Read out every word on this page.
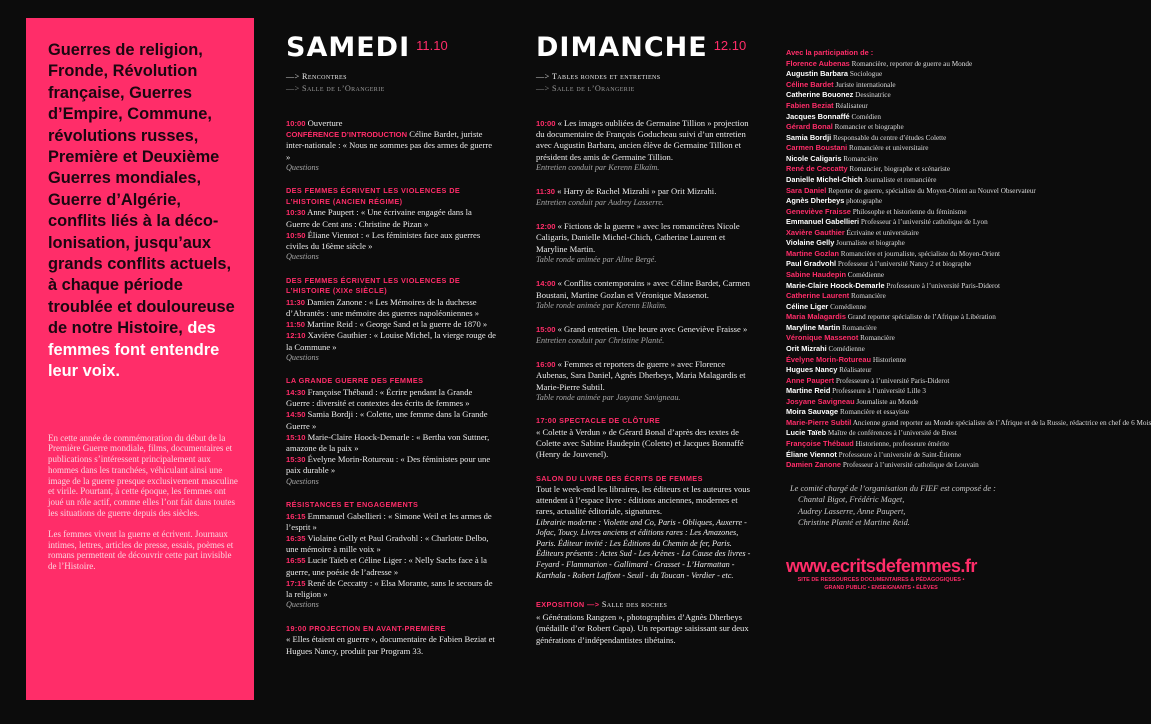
Guerres de religion, Fronde, Révolution française, Guerres d’Empire, Commune, révolutions russes, Première et Deuxième Guerres mondiales, Guerre d’Algérie, conflits liés à la déco-lonisation, jusqu’aux grands conflits actuels, à chaque période troublée et douloureuse de notre Histoire, des femmes font entendre leur voix.

En cette année de commémoration du début de la Première Guerre mondiale, films, documentaires et publications s’intéressent principalement aux hommes dans les tranchées, véhiculant ainsi une image de la guerre presque exclusivement masculine et virile. Pourtant, à cette époque, les femmes ont joué un rôle actif, comme elles l’ont fait dans toutes les situations de guerre depuis des siècles.

Les femmes vivent la guerre et écrivent. Journaux intimes, lettres, articles de presse, essais, poèmes et romans permettent de découvrir cette part invisible de l’Histoire.

SAMEDI $^{11.10}$
—> Rencontres
—> Salle de l’Orangerie
10:00 Ouverture
CONFÉRENCE D’INTRODUCTION Céline Bardet, juriste inter-nationale : « Nous ne sommes pas des armes de guerre »
Questions
DES FEMMES ÉCRIVENT LES VIOLENCES DE L’HISTOIRE (ANCIEN RÉGIME)
10:30 Anne Paupert : « Une écrivaine engagée dans la Guerre de Cent ans : Christine de Pizan »
10:50 Éliane Viennot : « Les féministes face aux guerres civiles du 16ème siècle »
Questions
DES FEMMES ÉCRIVENT LES VIOLENCES DE L’HISTOIRE (XIXe SIÈCLE)
11:30 Damien Zanone : « Les Mémoires de la duchesse d’Abrantès : une mémoire des guerres napoléoniennes »
11:50 Martine Reid : « George Sand et la guerre de 1870 »
12:10 Xavière Gauthier : « Louise Michel, la vierge rouge de la Commune »
Questions
LA GRANDE GUERRE DES FEMMES
14:30 Françoise Thébaud : « Écrire pendant la Grande Guerre : diversité et contextes des écrits de femmes »
14:50 Samia Bordji : « Colette, une femme dans la Grande Guerre »
15:10 Marie-Claire Hoock-Demarle : « Bertha von Suttner, amazone de la paix »
15:30 Évelyne Morin-Rotureau : « Des féministes pour une paix durable »
Questions
RÉSISTANCES ET ENGAGEMENTS
16:15 Emmanuel Gabellieri : « Simone Weil et les armes de l’esprit »
16:35 Violaine Gelly et Paul Gradvohl : « Charlotte Delbo, une mémoire à mille voix »
16:55 Lucie Taïeb et Céline Liger : « Nelly Sachs face à la guerre, une poésie de l’adresse »
17:15 René de Ceccatty : « Elsa Morante, sans le secours de la religion »
Questions
19:00 PROJECTION EN AVANT-PREMIÈRE
« Elles étaient en guerre », documentaire de Fabien Beziat et Hugues Nancy, produit par Program 33.
DIMANCHE $^{12.10}$
—> Tables rondes et entretiens
—> Salle de l’Orangerie
10:00 « Les images oubliées de Germaine Tillion » projection du documentaire de François Goducheau suivi d’un entretien avec Augustin Barbara, ancien élève de Germaine Tillion et président des amis de Germaine Tillion.
Entretien conduit par Kerenn Elkaïm.
11:30 « Harry de Rachel Mizrahi » par Orit Mizrahi.
Entretien conduit par Audrey Lasserre.
12:00 « Fictions de la guerre » avec les romancières Nicole Caligaris, Danielle Michel-Chich, Catherine Laurent et Maryline Martin.
Table ronde animée par Aline Bergé.
14:00 « Conflits contemporains » avec Céline Bardet, Carmen Boustani, Martine Gozlan et Véronique Massenot.
Table ronde animée par Kerenn Elkaïm.
15:00 « Grand entretien. Une heure avec Geneviève Fraisse »
Entretien conduit par Christine Planté.
16:00 « Femmes et reporters de guerre » avec Florence Aubenas, Sara Daniel, Agnès Dherbeys, Maria Malagardis et Marie-Pierre Subtil.
Table ronde animée par Josyane Savigneau.
17:00 SPECTACLE DE CLÔTURE
« Colette à Verdun » de Gérard Bonal d’après des textes de Colette avec Sabine Haudepin (Colette) et Jacques Bonnaffé (Henry de Jouvenel).
SALON DU LIVRE DES ÉCRITS DE FEMMES
Tout le week-end les libraires, les éditeurs et les auteures vous attendent à l’espace livre : éditions anciennes, modernes et rares, actualité éditoriale, signatures.
Librairie moderne : Violette and Co, Paris - Obliques, Auxerre - Jofac, Toucy. Livres anciens et éditions rares : Les Amazones, Paris. Éditeur invité : Les Éditions du Chemin de fer, Paris. Éditeurs présents : Actes Sud - Les Arènes - La Cause des livres - Feyard - Flammarion - Gallimard - Grasset - L’Harmattan - Karthala - Robert Laffont - Seuil - du Toucan - Verdier - etc.
EXPOSITION —> Salle des roches
« Générations Rangzen », photographies d’Agnès Dherbeys (médaille d’or Robert Capa). Un reportage saisissant sur deux générations d’indépendantistes tibétains.
Avec la participation de :
Florence Aubenas Romancière, reporter de guerre au Monde
Augustin Barbara Sociologue
Céline Bardet Juriste internationale
Catherine Bouonez Dessinatrice
Fabien Beziat Réalisateur
Jacques Bonnaffé Comédien
Gérard Bonal Romancier et biographe
Samia Bordji Responsable du centre d’études Colette
Carmen Boustani Romancière et universitaire
Nicole Caligaris Romancière
René de Ceccatty Romancier, biographe et scénariste
Danielle Michel-Chich Journaliste et romancière
Sara Daniel Reporter de guerre, spécialiste du Moyen-Orient au Nouvel Observateur
Agnès Dherbeys photographe
Geneviève Fraisse Philosophe et historienne du féminisme
Emmanuel Gabellieri Professeur à l’université catholique de Lyon
Xavière Gauthier Écrivaine et universitaire
Violaine Gelly Journaliste et biographe
Martine Gozlan Romancière et journaliste, spécialiste du Moyen-Orient
Paul Gradvohl Professeur à l’université Nancy 2 et biographe
Sabine Haudepin Comédienne
Marie-Claire Hoock-Demarle Professeure à l’université Paris-Diderot
Catherine Laurent Romancière
Céline Liger Comédienne
Maria Malagardis Grand reporter spécialiste de l’Afrique à Libération
Maryline Martin Romancière
Véronique Massenot Romancière
Orit Mizrahi Comédienne
Évelyne Morin-Rotureau Historienne
Hugues Nancy Réalisateur
Anne Paupert Professeure à l’université Paris-Diderot
Martine Reid Professeure à l’université Lille 3
Josyane Savigneau Journaliste au Monde
Moira Sauvage Romancière et essayiste
Marie-Pierre Subtil Ancienne grand reporter au Monde spécialiste de l’Afrique et de la Russie, rédactrice en chef de 6 Mois
Lucie Taïeb Maître de conférences à l’université de Brest
Françoise Thébaud Historienne, professeure émérite
Éliane Viennot Professeure à l’université de Saint-Étienne
Damien Zanone Professeur à l’université catholique de Louvain
Le comité chargé de l’organisation du FIEF est composé de :
Chantal Bigot, Frédéric Maget,
Audrey Lasserre, Anne Paupert,
Christine Planté et Martine Reid.
www.ecritsdefemmes.fr
SITE DE RESSOURCES DOCUMENTAIRES & PÉDAGOGIQUES • GRAND PUBLIC • ENSEIGNANTS • ÉLÈVES
